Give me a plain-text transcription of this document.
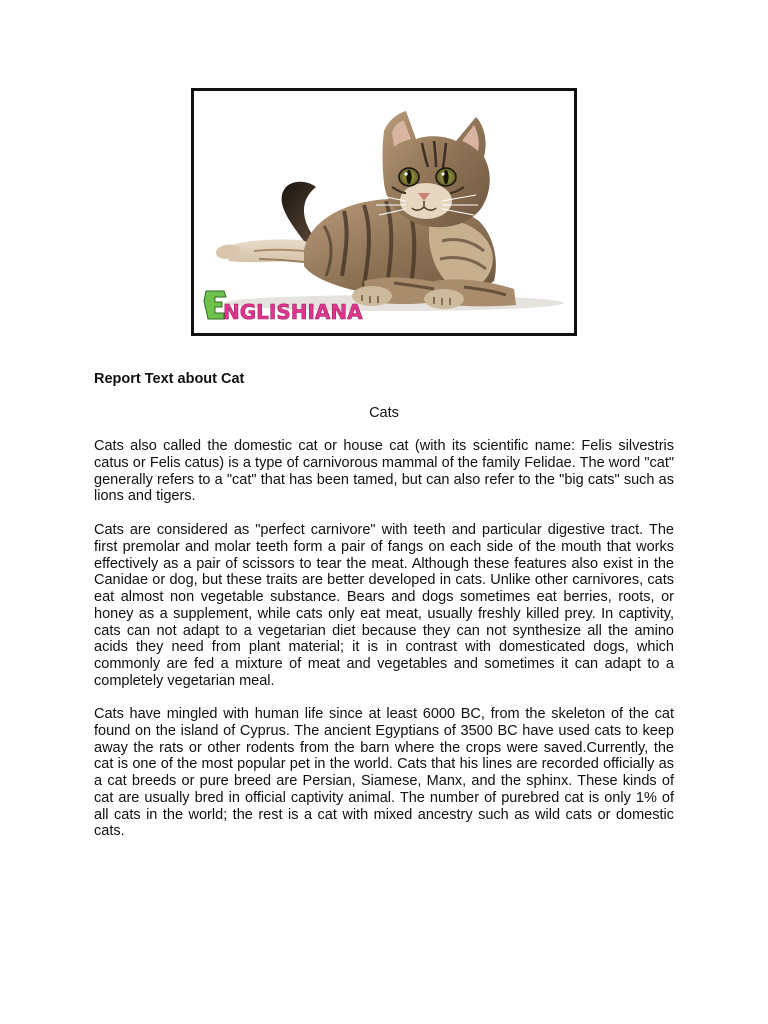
NGLISHIANA
Report Text about Cat
Cats

Cats also called the domestic cat or house cat (with its scientific name: Felis silvestris catus or Felis catus) is a type of carnivorous mammal of the family Felidae. The word "cat" generally refers to a "cat" that has been tamed, but can also refer to the "big cats" such as lions and tigers.

Cats are considered as "perfect carnivore" with teeth and particular digestive tract. The first premolar and molar teeth form a pair of fangs on each side of the mouth that works effectively as a pair of scissors to tear the meat. Although these features also exist in the Canidae or dog, but these traits are better developed in cats. Unlike other carnivores, cats eat almost non vegetable substance. Bears and dogs sometimes eat berries, roots, or honey as a supplement, while cats only eat meat, usually freshly killed prey. In captivity, cats can not adapt to a vegetarian diet because they can not synthesize all the amino acids they need from plant material; it is in contrast with domesticated dogs, which commonly are fed a mixture of meat and vegetables and sometimes it can adapt to a completely vegetarian meal.

Cats have mingled with human life since at least 6000 BC, from the skeleton of the cat found on the island of Cyprus. The ancient Egyptians of 3500 BC have used cats to keep away the rats or other rodents from the barn where the crops were saved.Currently, the cat is one of the most popular pet in the world. Cats that his lines are recorded officially as a cat breeds or pure breed are Persian, Siamese, Manx, and the sphinx. These kinds of cat are usually bred in official captivity animal. The number of purebred cat is only 1% of all cats in the world; the rest is a cat with mixed ancestry such as wild cats or domestic cats.
